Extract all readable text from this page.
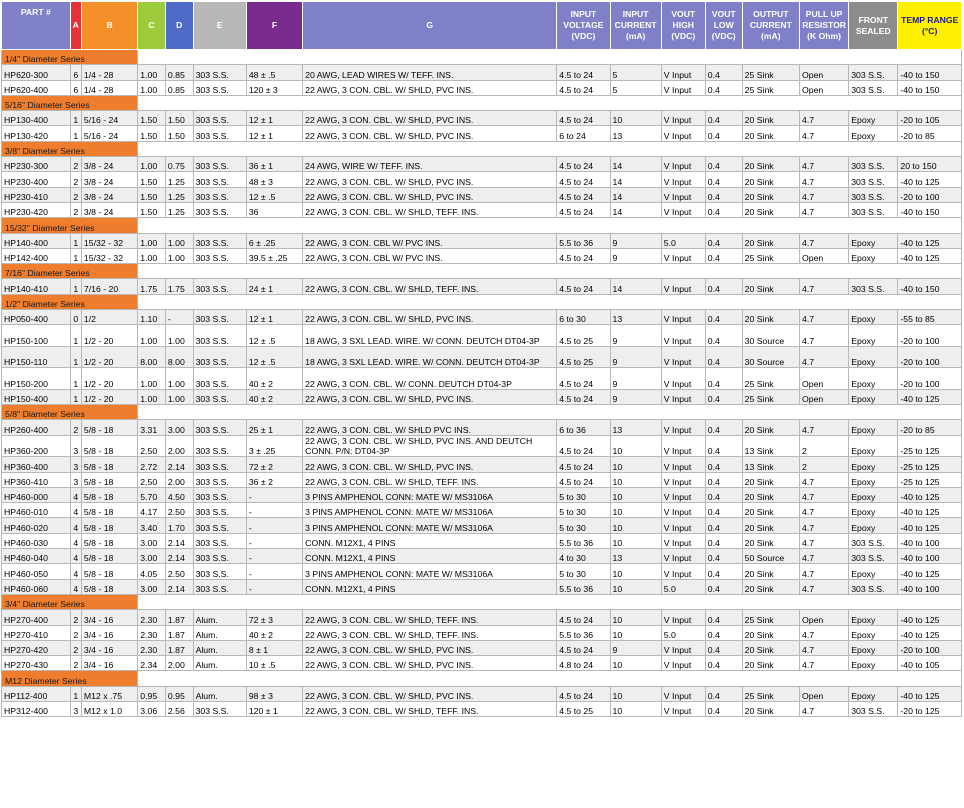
PART #	A	B	C	D	E	F	G	INPUT VOLTAGE (VDC)	INPUT CURRENT (mA)	VOUT HIGH (VDC)	VOUT LOW (VDC)	OUTPUT CURRENT (mA)	PULL UP RESISTOR (K Ohm)	FRONT SEALED	TEMP RANGE (°C)
1/4" Diameter Series															
HP620-300	6	1/4 - 28	1.00	0.85	303 S.S.	48 ± .5	20 AWG, LEAD WIRES W/ TEFF. INS.	4.5 to 24	5	V Input	0.4	25 Sink	Open	303 S.S.	-40 to 150
HP620-400	6	1/4 - 28	1.00	0.85	303 S.S.	120 ± 3	22 AWG, 3 CON. CBL. W/ SHLD, PVC INS.	4.5 to 24	5	V Input	0.4	25 Sink	Open	303 S.S.	-40 to 150
5/16" Diameter Series															
HP130-400	1	5/16 - 24	1.50	1.50	303 S.S.	12 ± 1	22 AWG, 3 CON. CBL. W/ SHLD, PVC INS.	4.5 to 24	10	V Input	0.4	20 Sink	4.7	Epoxy	-20 to 105
HP130-420	1	5/16 - 24	1.50	1.50	303 S.S.	12 ± 1	22 AWG, 3 CON. CBL. W/ SHLD, PVC INS.	6 to 24	13	V Input	0.4	20 Sink	4.7	Epoxy	-20 to 85
3/8" Diameter Series															
HP230-300	2	3/8 - 24	1.00	0.75	303 S.S.	36 ± 1	24 AWG, WIRE W/ TEFF. INS.	4.5 to 24	14	V Input	0.4	20 Sink	4.7	303 S.S.	20 to 150
HP230-400	2	3/8 - 24	1.50	1.25	303 S.S.	48 ± 3	22 AWG, 3 CON. CBL. W/ SHLD, PVC INS.	4.5 to 24	14	V Input	0.4	20 Sink	4.7	303 S.S.	-40 to 125
HP230-410	2	3/8 - 24	1.50	1.25	303 S.S.	12 ± .5	22 AWG, 3 CON. CBL. W/ SHLD, PVC INS.	4.5 to 24	14	V Input	0.4	20 Sink	4.7	303 S.S.	-20 to 100
HP230-420	2	3/8 - 24	1.50	1.25	303 S.S.	36	22 AWG, 3 CON. CBL. W/ SHLD, TEFF. INS.	4.5 to 24	14	V Input	0.4	20 Sink	4.7	303 S.S.	-40 to 150
15/32" Diameter Series															
HP140-400	1	15/32 - 32	1.00	1.00	303 S.S.	6 ± .25	22 AWG, 3 CON. CBL W/ PVC INS.	5.5 to 36	9	5.0	0.4	20 Sink	4.7	Epoxy	-40 to 125
HP142-400	1	15/32 - 32	1.00	1.00	303 S.S.	39.5 ± .25	22 AWG, 3 CON. CBL W/ PVC INS.	4.5 to 24	9	V Input	0.4	25 Sink	Open	Epoxy	-40 to 125
7/16" Diameter Series															
HP140-410	1	7/16 - 20	1.75	1.75	303 S.S.	24 ± 1	22 AWG, 3 CON. CBL. W/ SHLD, TEFF. INS.	4.5 to 24	14	V Input	0.4	20 Sink	4.7	303 S.S.	-40 to 150
1/2" Diameter Series															
HP050-400	0	1/2	1.10	-	303 S.S.	12 ± 1	22 AWG, 3 CON. CBL. W/ SHLD, PVC INS.	6 to 30	13	V Input	0.4	20 Sink	4.7	Epoxy	-55 to 85
HP150-100	1	1/2 - 20	1.00	1.00	303 S.S.	12 ± .5	18 AWG, 3 SXL LEAD. WIRE. W/ CONN. DEUTCH DT04-3P	4.5 to 25	9	V Input	0.4	30 Source	4.7	Epoxy	-20 to 100
HP150-110	1	1/2 - 20	8.00	8.00	303 S.S.	12 ± .5	18 AWG, 3 SXL LEAD. WIRE. W/ CONN. DEUTCH DT04-3P	4.5 to 25	9	V Input	0.4	30 Source	4.7	Epoxy	-20 to 100
HP150-200	1	1/2 - 20	1.00	1.00	303 S.S.	40 ± 2	22 AWG, 3 CON. CBL. W/ CONN. DEUTCH DT04-3P	4.5 to 24	9	V Input	0.4	25 Sink	Open	Epoxy	-20 to 100
HP150-400	1	1/2 - 20	1.00	1.00	303 S.S.	40 ± 2	22 AWG, 3 CON. CBL. W/ SHLD, PVC INS.	4.5 to 24	9	V Input	0.4	25 Sink	Open	Epoxy	-40 to 125
5/8" Diameter Series															
HP260-400	2	5/8 - 18	3.31	3.00	303 S.S.	25 ± 1	22 AWG, 3 CON. CBL. W/ SHLD PVC INS.	6 to 36	13	V Input	0.4	20 Sink	4.7	Epoxy	-20 to 85
HP360-200	3	5/8 - 18	2.50	2.00	303 S.S.	3 ± .25	22 AWG, 3 CON. CBL. W/ SHLD, PVC INS. AND DEUTCH CONN. P/N: DT04-3P	4.5 to 24	10	V Input	0.4	13 Sink	2	Epoxy	-25 to 125
HP360-400	3	5/8 - 18	2.72	2.14	303 S.S.	72 ± 2	22 AWG, 3 CON. CBL. W/ SHLD, PVC INS.	4.5 to 24	10	V Input	0.4	13 Sink	2	Epoxy	-25 to 125
HP360-410	3	5/8 - 18	2.50	2.00	303 S.S.	36 ± 2	22 AWG, 3 CON. CBL. W/ SHLD, TEFF. INS.	4.5 to 24	10	V Input	0.4	20 Sink	4.7	Epoxy	-25 to 125
HP460-000	4	5/8 - 18	5.70	4.50	303 S.S.	-	3 PINS AMPHENOL CONN: MATE W/ MS3106A	5 to 30	10	V Input	0.4	20 Sink	4.7	Epoxy	-40 to 125
HP460-010	4	5/8 - 18	4.17	2.50	303 S.S.	-	3 PINS AMPHENOL CONN: MATE W/ MS3106A	5 to 30	10	V Input	0.4	20 Sink	4.7	Epoxy	-40 to 125
HP460-020	4	5/8 - 18	3.40	1.70	303 S.S.	-	3 PINS AMPHENOL CONN: MATE W/ MS3106A	5 to 30	10	V Input	0.4	20 Sink	4.7	Epoxy	-40 to 125
HP460-030	4	5/8 - 18	3.00	2.14	303 S.S.	-	CONN. M12X1, 4 PINS	5.5 to 36	10	V Input	0.4	20 Sink	4.7	303 S.S.	-40 to 100
HP460-040	4	5/8 - 18	3.00	2.14	303 S.S.	-	CONN. M12X1, 4 PINS	4 to 30	13	V Input	0.4	50 Source	4.7	303 S.S.	-40 to 100
HP460-050	4	5/8 - 18	4.05	2.50	303 S.S.	-	3 PINS AMPHENOL CONN: MATE W/ MS3106A	5 to 30	10	V Input	0.4	20 Sink	4.7	Epoxy	-40 to 125
HP460-060	4	5/8 - 18	3.00	2.14	303 S.S.	-	CONN. M12X1, 4 PINS	5.5 to 36	10	5.0	0.4	20 Sink	4.7	303 S.S.	-40 to 100
3/4" Diameter Series															
HP270-400	2	3/4 - 16	2.30	1.87	Alum.	72 ± 3	22 AWG, 3 CON. CBL. W/ SHLD, TEFF. INS.	4.5 to 24	10	V Input	0.4	25 Sink	Open	Epoxy	-40 to 125
HP270-410	2	3/4 - 16	2.30	1.87	Alum.	40 ± 2	22 AWG, 3 CON. CBL. W/ SHLD, TEFF. INS.	5.5 to 36	10	5.0	0.4	20 Sink	4.7	Epoxy	-40 to 125
HP270-420	2	3/4 - 16	2.30	1.87	Alum.	8 ± 1	22 AWG, 3 CON. CBL. W/ SHLD, PVC INS.	4.5 to 24	9	V Input	0.4	20 Sink	4.7	Epoxy	-20 to 100
HP270-430	2	3/4 - 16	2.34	2.00	Alum.	10 ± .5	22 AWG, 3 CON. CBL. W/ SHLD, PVC INS.	4.8 to 24	10	V Input	0.4	20 Sink	4.7	Epoxy	-40 to 105
M12 Diameter Series															
HP112-400	1	M12 x .75	0.95	0.95	Alum.	98 ± 3	22 AWG, 3 CON. CBL. W/ SHLD, PVC INS.	4.5 to 24	10	V Input	0.4	25 Sink	Open	Epoxy	-40 to 125
HP312-400	3	M12 x 1.0	3.06	2.56	303 S.S.	120 ± 1	22 AWG, 3 CON. CBL. W/ SHLD, TEFF. INS.	4.5 to 25	10	V Input	0.4	20 Sink	4.7	303 S.S.	-20 to 125
